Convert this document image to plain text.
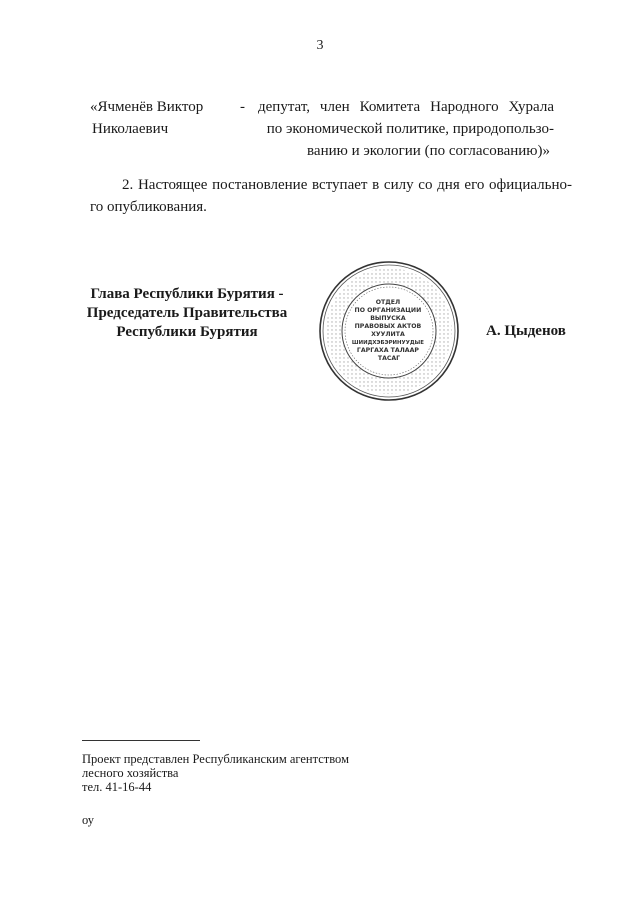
3
«Ячменёв Виктор
Николаевич
- депутат, член Комитета Народного Хурала
по экономической политике, природопользо-
ванию и экологии (по согласованию)»
2. Настоящее постановление вступает в силу со дня его официально-
го опубликования.
Глава Республики Бурятия -
Председатель Правительства
Республики Бурятия
ОТДЕЛ ПО ОРГАНИЗАЦИИ ВЫПУСКА ПРАВОВЫХ АКТОВ ХУУЛИТА ШИИДХЭБЭРИНУУДЫЕ ГАРГАХА ТАЛААР ТАСАГ
А. Цыденов
Проект представлен Республиканским агентством
лесного хозяйства
тел. 41-16-44
оу
